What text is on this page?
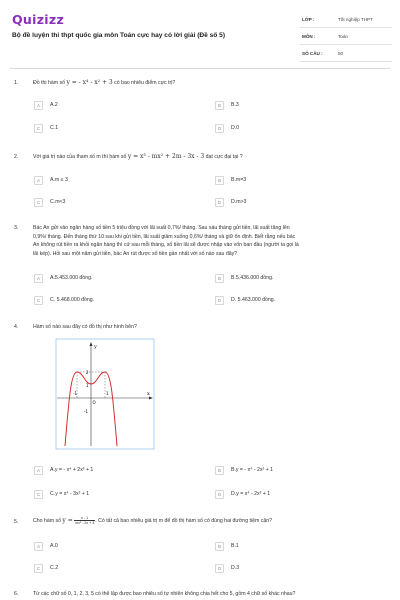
Quizizz
Bộ đề luyện thi thpt quốc gia môn Toán cực hay có lời giải (Đề số 5)
LỚP :	Tốt nghiệp THPT
MÔN :	Toán
SỐ CÂU :	50
1.	Đồ thị hàm số y = - x⁴ - x² + 3 có bao nhiêu điểm cực trị?
A	A.2	B	B.3
C	C.1	D	D.0
2.	Với giá trị nào của tham số m thì hàm số y = x³ - mx² + 2m - 3x - 3 đạt cực đại tại ?
A	A.m ≤ 3	B	B.m=3
C	C.m<3	D	D.m>3
3.	Bác An gửi vào ngân hàng số tiền 5 triệu đồng với lãi suất 0,7%/ tháng. Sau sáu tháng gửi tiền, lãi suất tăng lên
0,9%/ tháng. Đến tháng thứ 10 sau khi gửi tiền, lãi suất giảm xuống 0,6%/ tháng và giữ ổn định. Biết rằng nếu bác
An không rút tiền ra khỏi ngân hàng thì cứ sau mỗi tháng, số tiền lãi sẽ được nhập vào vốn ban đầu (người ta gọi là
lãi kép). Hỏi sau một năm gửi tiền, bác An rút được số tiền gần nhất với số nào sau đây?
A	A.5.453.000 đồng.	B	B.5.436.000 đồng.
C	C. 5.468.000 đồng.	D	D. 5.463.000 đồng.
4.	Hàm số nào sau đây có đồ thị như hình bên?
y
x
O
-1	1
2
1
-1
A	A.y = - x⁴ + 2x² + 1	B	B.y = - x⁴ - 2x² + 1
C	C.y = x⁴ - 3x² + 1	D	D.y = x⁴ - 2x² + 1
5.	Cho hàm số $y = \frac{x - 1}{\text{mx² - 2x + 3}}$ . Có tất cả bao nhiêu giá trị m để đồ thị hàm số có đúng hai đường tiệm cận?
A	A.0	B	B.1
C	C.2	D	D.3
6.	Từ các chữ số 0, 1, 2, 3, 5 có thể lập được bao nhiêu số tự nhiên không chia hết cho 5, gồm 4 chữ số khác nhau?
